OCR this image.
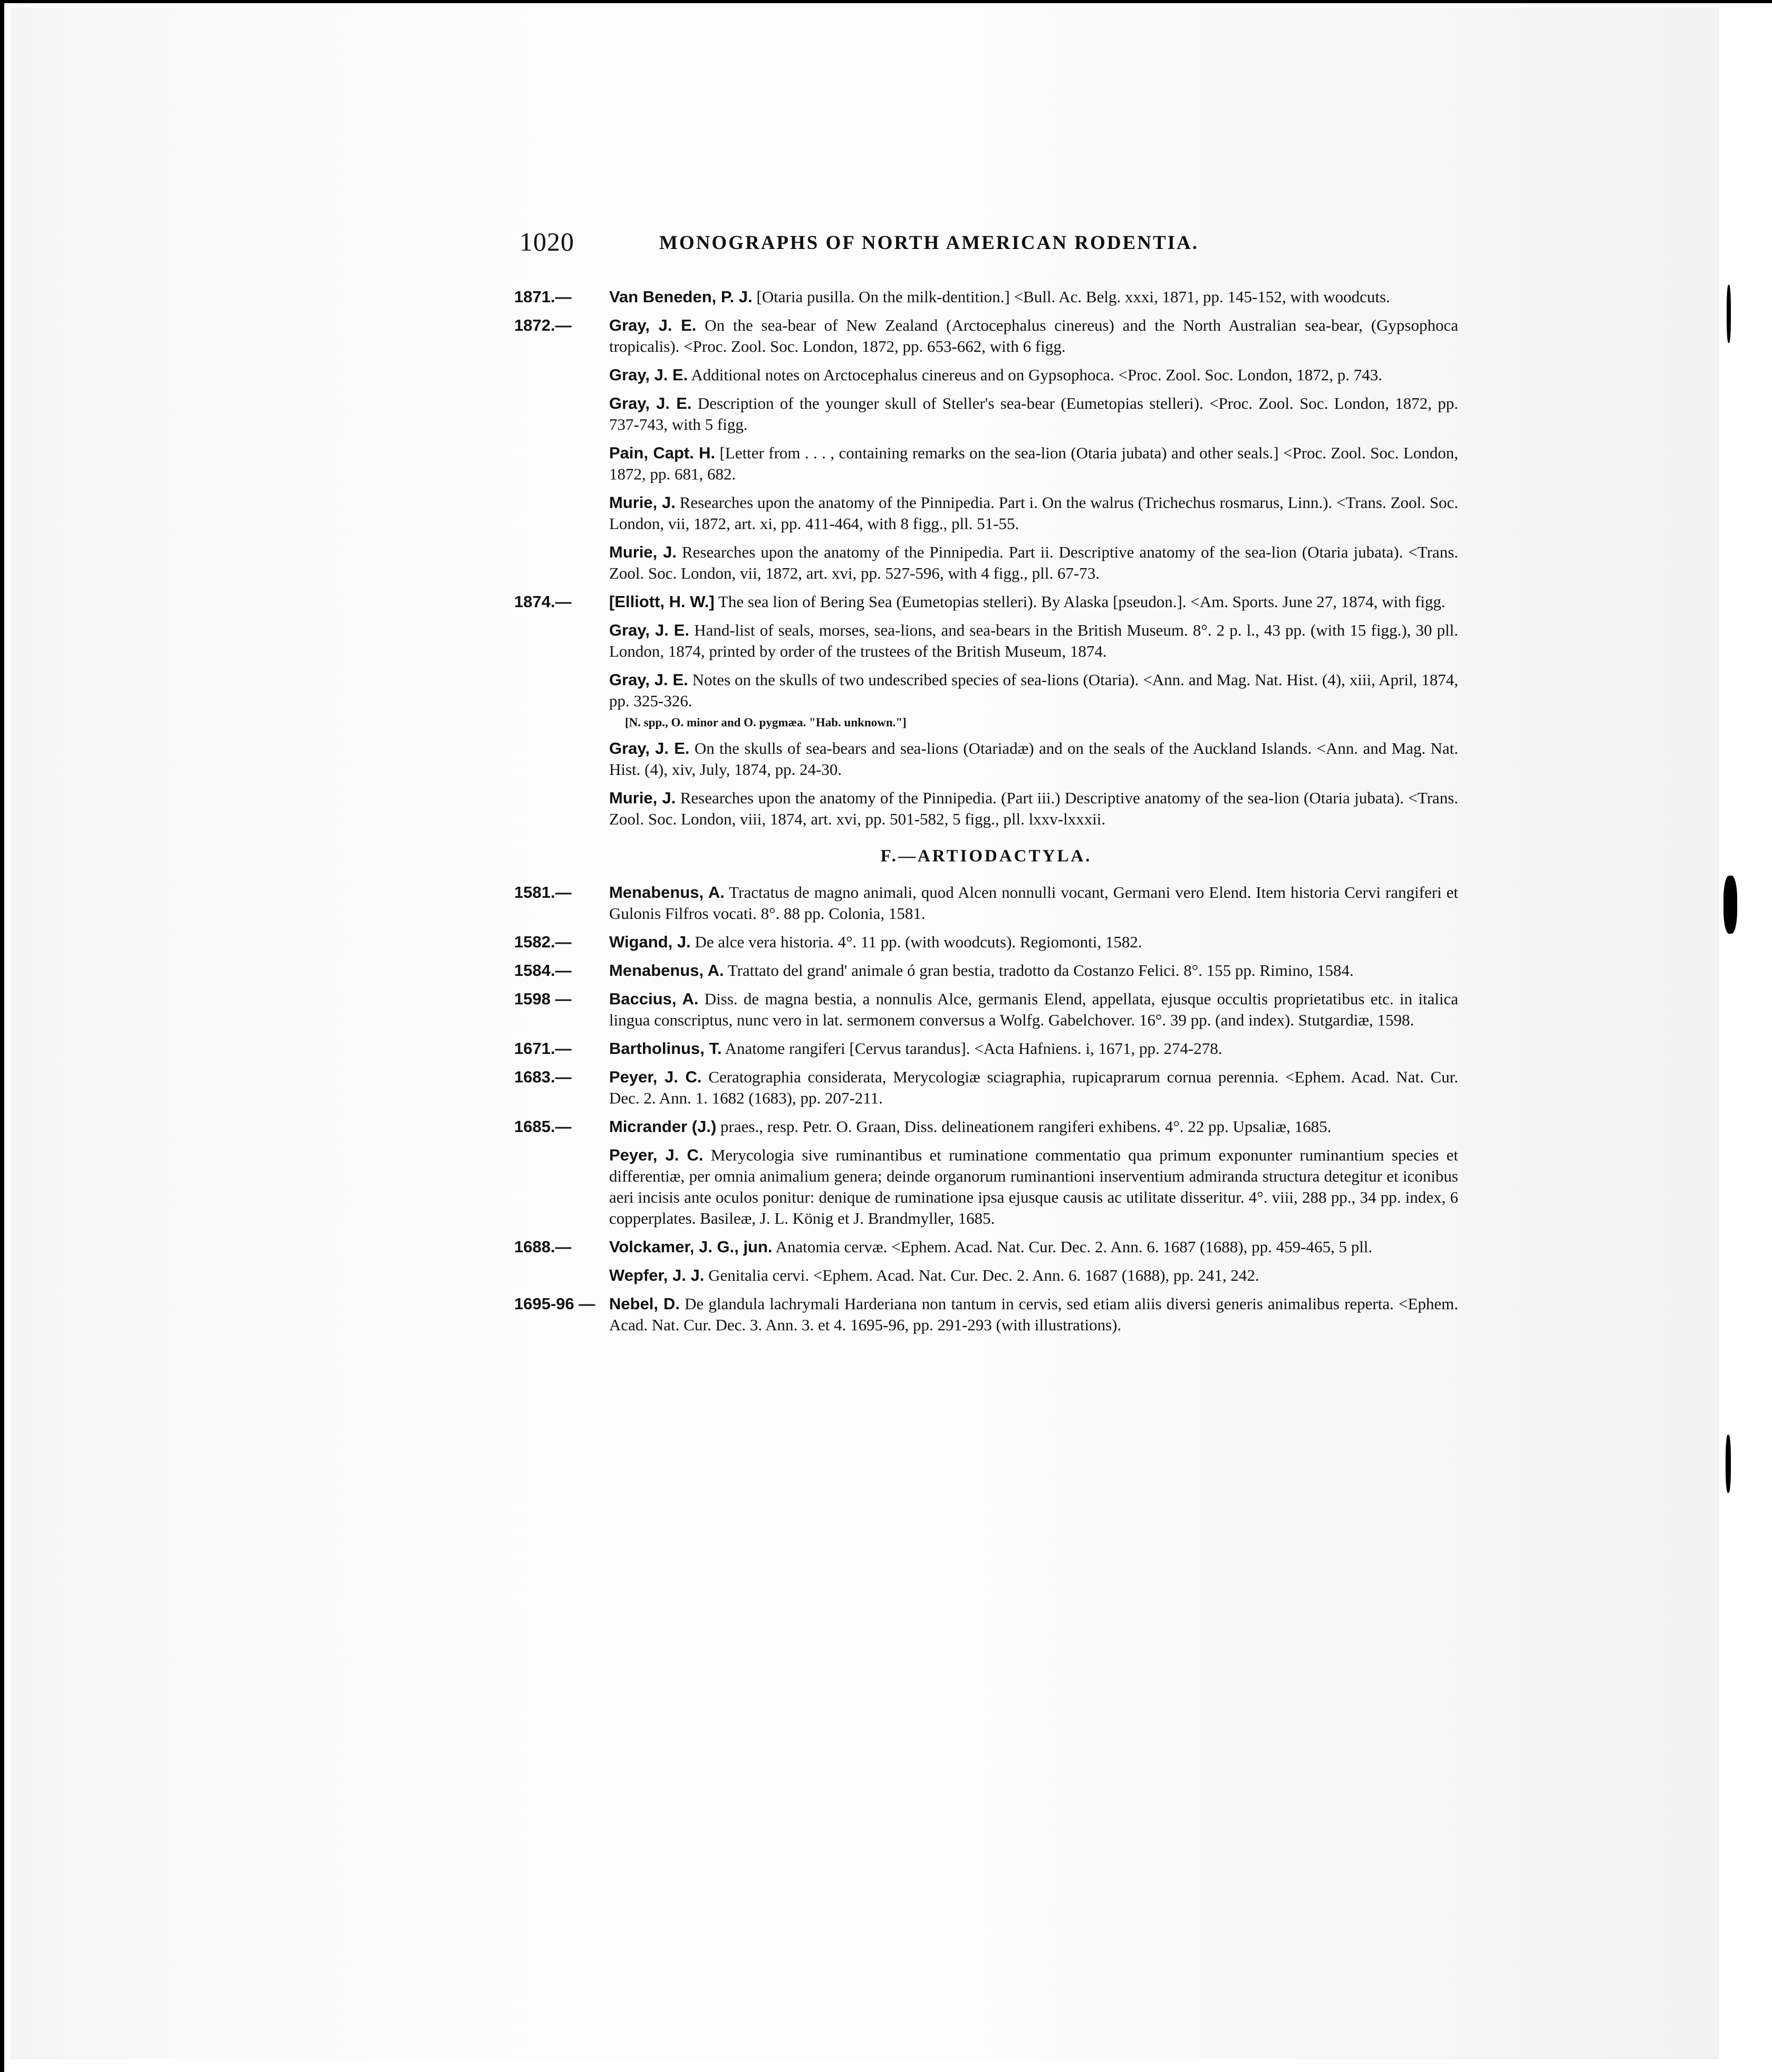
1020	MONOGRAPHS OF NORTH AMERICAN RODENTIA.
1871.—	Van Beneden, P. J. [Otaria pusilla. On the milk-dentition.] <Bull. Ac. Belg. xxxi, 1871, pp. 145-152, with woodcuts.
1872.—	Gray, J. E. On the sea-bear of New Zealand (Arctocephalus cinereus) and the North Australian sea-bear, (Gypsophoca tropicalis). <Proc. Zool. Soc. London, 1872, pp. 653-662, with 6 figg.
Gray, J. E. Additional notes on Arctocephalus cinereus and on Gypsophoca. <Proc. Zool. Soc. London, 1872, p. 743.
Gray, J. E. Description of the younger skull of Steller's sea-bear (Eumetopias stelleri). <Proc. Zool. Soc. London, 1872, pp. 737-743, with 5 figg.
Pain, Capt. H. [Letter from . . . , containing remarks on the sea-lion (Otaria jubata) and other seals.] <Proc. Zool. Soc. London, 1872, pp. 681, 682.
Murie, J. Researches upon the anatomy of the Pinnipedia. Part i. On the walrus (Trichechus rosmarus, Linn.). <Trans. Zool. Soc. London, vii, 1872, art. xi, pp. 411-464, with 8 figg., pll. 51-55.
Murie, J. Researches upon the anatomy of the Pinnipedia. Part ii. Descriptive anatomy of the sea-lion (Otaria jubata). <Trans. Zool. Soc. London, vii, 1872, art. xvi, pp. 527-596, with 4 figg., pll. 67-73.
1874.—	[Elliott, H. W.] The sea lion of Bering Sea (Eumetopias stelleri). By Alaska [pseudon.]. <Am. Sports. June 27, 1874, with figg.
Gray, J. E. Hand-list of seals, morses, sea-lions, and sea-bears in the British Museum. 8°. 2 p. l., 43 pp. (with 15 figg.), 30 pll. London, 1874, printed by order of the trustees of the British Museum, 1874.
Gray, J. E. Notes on the skulls of two undescribed species of sea-lions (Otaria). <Ann. and Mag. Nat. Hist. (4), xiii, April, 1874, pp. 325-326.
[N. spp., O. minor and O. pygmæa. "Hab. unknown."]
Gray, J. E. On the skulls of sea-bears and sea-lions (Otariadæ) and on the seals of the Auckland Islands. <Ann. and Mag. Nat. Hist. (4), xiv, July, 1874, pp. 24-30.
Murie, J. Researches upon the anatomy of the Pinnipedia. (Part iii.) Descriptive anatomy of the sea-lion (Otaria jubata). <Trans. Zool. Soc. London, viii, 1874, art. xvi, pp. 501-582, 5 figg., pll. lxxv-lxxxii.
F.—ARTIODACTYLA.
1581.—	Menabenus, A. Tractatus de magno animali, quod Alcen nonnulli vocant, Germani vero Elend. Item historia Cervi rangiferi et Gulonis Filfros vocati. 8°. 88 pp. Colonia, 1581.
1582.—	Wigand, J. De alce vera historia. 4°. 11 pp. (with woodcuts). Regiomonti, 1582.
1584.—	Menabenus, A. Trattato del grand' animale ó gran bestia, tradotto da Costanzo Felici. 8°. 155 pp. Rimino, 1584.
1598 —	Baccius, A. Diss. de magna bestia, a nonnulis Alce, germanis Elend, appellata, ejusque occultis proprietatibus etc. in italica lingua conscriptus, nunc vero in lat. sermonem conversus a Wolfg. Gabelchover. 16°. 39 pp. (and index). Stutgardiæ, 1598.
1671.—	Bartholinus, T. Anatome rangiferi [Cervus tarandus]. <Acta Hafniens. i, 1671, pp. 274-278.
1683.—	Peyer, J. C. Ceratographia considerata, Merycologiæ sciagraphia, rupicaprarum cornua perennia. <Ephem. Acad. Nat. Cur. Dec. 2. Ann. 1. 1682 (1683), pp. 207-211.
1685.—	Micrander (J.) praes., resp. Petr. O. Graan, Diss. delineationem rangiferi exhibens. 4°. 22 pp. Upsaliæ, 1685.
Peyer, J. C. Merycologia sive ruminantibus et ruminatione commentatio qua primum exponunter ruminantium species et differentiæ, per omnia animalium genera; deinde organorum ruminantioni inserventium admiranda structura detegitur et iconibus aeri incisis ante oculos ponitur: denique de ruminatione ipsa ejusque causis ac utilitate disseritur. 4°. viii, 288 pp., 34 pp. index, 6 copperplates. Basileæ, J. L. König et J. Brandmyller, 1685.
1688.—	Volckamer, J. G., jun. Anatomia cervæ. <Ephem. Acad. Nat. Cur. Dec. 2. Ann. 6. 1687 (1688), pp. 459-465, 5 pll.
Wepfer, J. J. Genitalia cervi. <Ephem. Acad. Nat. Cur. Dec. 2. Ann. 6. 1687 (1688), pp. 241, 242.
1695-96 — Nebel, D. De glandula lachrymali Harderiana non tantum in cervis, sed etiam aliis diversi generis animalibus reperta. <Ephem. Acad. Nat. Cur. Dec. 3. Ann. 3. et 4. 1695-96, pp. 291-293 (with illustrations).
